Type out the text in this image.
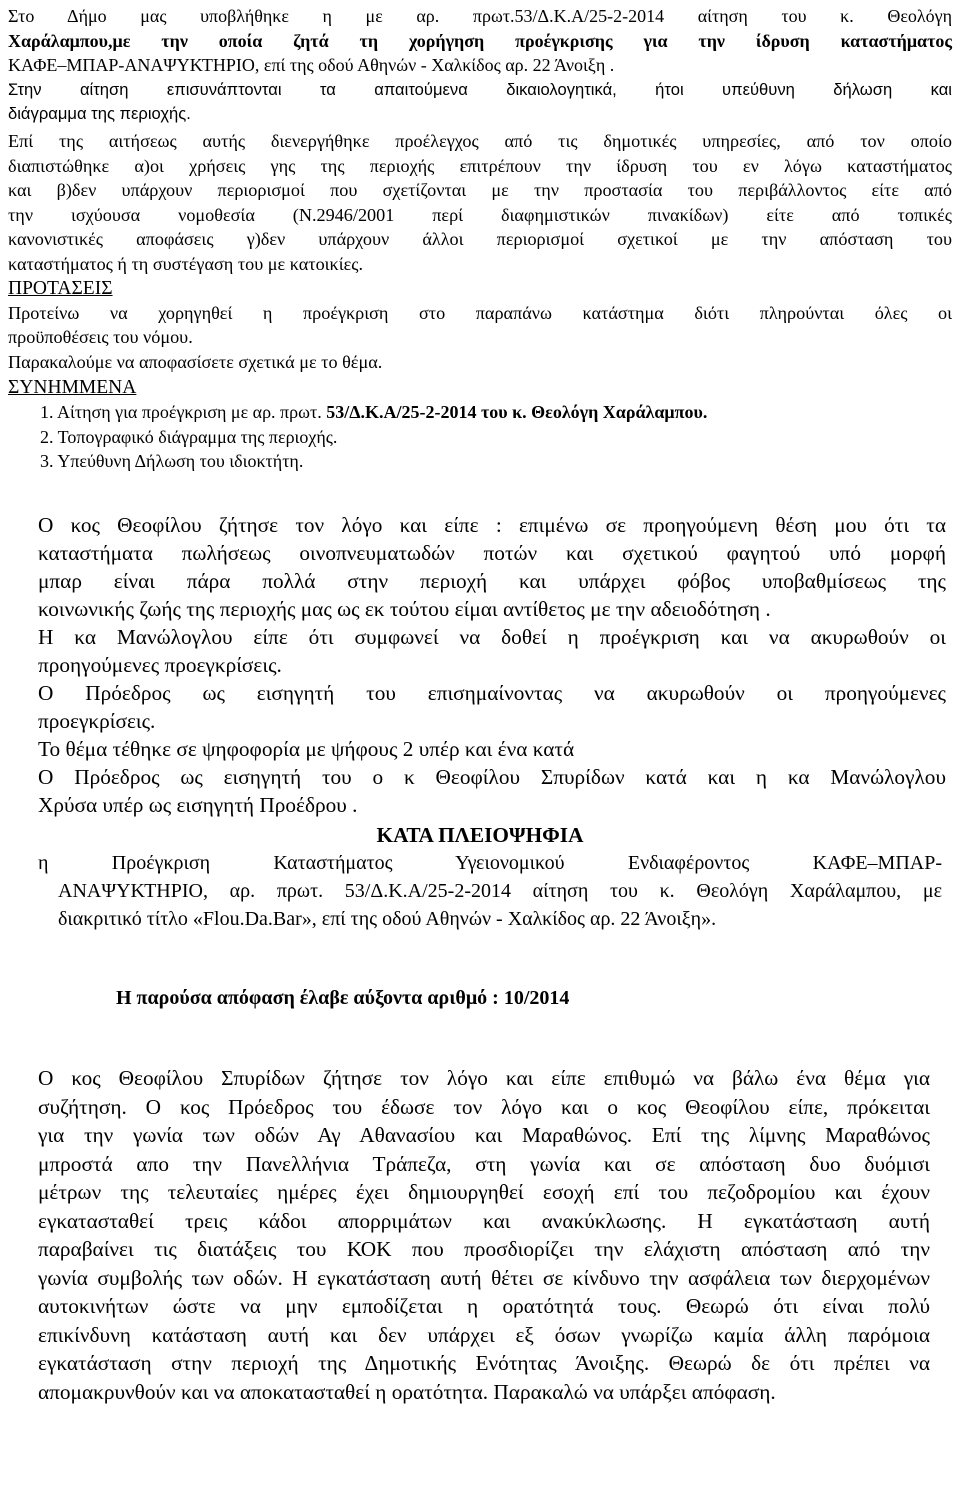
Στο Δήμο μας υποβλήθηκε η με αρ. πρωτ.53/Δ.Κ.Α/25-2-2014 αίτηση του κ. Θεολόγη
Χαράλαμπου,με την οποία ζητά τη χορήγηση προέγκρισης για την ίδρυση καταστήματος
ΚΑΦΕ–ΜΠΑΡ-ΑΝΑΨΥΚΤΗΡΙΟ, επί της οδού Αθηνών - Χαλκίδος αρ. 22 Άνοιξη .
Στην αίτηση επισυνάπτονται τα απαιτούμενα δικαιολογητικά, ήτοι υπεύθυνη δήλωση και
διάγραμμα της περιοχής.
Επί της αιτήσεως αυτής διενεργήθηκε προέλεγχος από τις δημοτικές υπηρεσίες, από τον οποίο
διαπιστώθηκε α)οι χρήσεις γης της περιοχής επιτρέπουν την ίδρυση του εν λόγω καταστήματος
και β)δεν υπάρχουν περιορισμοί που σχετίζονται με την προστασία του περιβάλλοντος είτε από
την ισχύουσα νομοθεσία (Ν.2946/2001 περί διαφημιστικών πινακίδων) είτε από τοπικές
κανονιστικές αποφάσεις γ)δεν υπάρχουν άλλοι περιορισμοί σχετικοί με την απόσταση του
καταστήματος ή τη συστέγαση του με κατοικίες.

ΠΡΟΤΑΣΕΙΣ

Προτείνω να χορηγηθεί η προέγκριση στο παραπάνω κατάστημα διότι πληρούνται όλες οι
προϋποθέσεις του νόμου.

Παρακαλούμε να αποφασίσετε σχετικά με το θέμα.

ΣΥΝΗΜΜΕΝΑ

1. Αίτηση για προέγκριση με αρ. πρωτ. 53/Δ.Κ.Α/25-2-2014 του κ. Θεολόγη Χαράλαμπου.
2. Τοπογραφικό διάγραμμα της περιοχής.
3. Υπεύθυνη Δήλωση του ιδιοκτήτη.
Ο κος Θεοφίλου ζήτησε τον λόγο και είπε : επιμένω σε προηγούμενη θέση μου ότι τα
καταστήματα πωλήσεως οινοπνευματωδών ποτών και σχετικού φαγητού υπό μορφή
μπαρ είναι πάρα πολλά στην περιοχή και υπάρχει φόβος υποβαθμίσεως της
κοινωνικής ζωής της περιοχής μας ως εκ τούτου είμαι αντίθετος με την αδειοδότηση .
Η κα Μανώλογλου είπε ότι συμφωνεί να δοθεί η προέγκριση και να ακυρωθούν οι
προηγούμενες προεγκρίσεις.
Ο Πρόεδρος ως εισηγητή του επισημαίνοντας να ακυρωθούν οι προηγούμενες
προεγκρίσεις.
Το θέμα τέθηκε σε ψηφοφορία με ψήφους 2 υπέρ και ένα κατά
Ο Πρόεδρος ως εισηγητή του ο κ Θεοφίλου Σπυρίδων κατά και η κα Μανώλογλου
Χρύσα υπέρ ως εισηγητή Προέδρου .

ΚΑΤΑ ΠΛΕΙΟΨΗΦΙΑ

η Προέγκριση Καταστήματος Υγειονομικού Ενδιαφέροντος ΚΑΦΕ–ΜΠΑΡ-
ΑΝΑΨΥΚΤΗΡΙΟ, αρ. πρωτ. 53/Δ.Κ.Α/25-2-2014 αίτηση του κ. Θεολόγη Χαράλαμπου, με
διακριτικό τίτλο «Flou.Da.Bar», επί της οδού Αθηνών - Χαλκίδος αρ. 22 Άνοιξη».

Η παρούσα απόφαση έλαβε αύξοντα αριθμό : 10/2014

Ο κος Θεοφίλου Σπυρίδων ζήτησε τον λόγο και είπε επιθυμώ να βάλω ένα θέμα για
συζήτηση. Ο κος Πρόεδρος του έδωσε τον λόγο και ο κος Θεοφίλου είπε, πρόκειται
για την γωνία των οδών Αγ Αθανασίου και Μαραθώνος. Επί της λίμνης Μαραθώνος
μπροστά απο την Πανελλήνια Τράπεζα, στη γωνία και σε απόσταση δυο δυόμισι
μέτρων της τελευταίες ημέρες έχει δημιουργηθεί εσοχή επί του πεζοδρομίου και έχουν
εγκατασταθεί τρεις κάδοι απορριμάτων και ανακύκλωσης. Η εγκατάσταση αυτή
παραβαίνει τις διατάξεις του ΚΟΚ που προσδιορίζει την ελάχιστη απόσταση από την
γωνία συμβολής των οδών. Η εγκατάσταση αυτή θέτει σε κίνδυνο την ασφάλεια των διερχομένων
αυτοκινήτων ώστε να μην εμποδίζεται η ορατότητά τους. Θεωρώ ότι είναι πολύ
επικίνδυνη κατάσταση αυτή και δεν υπάρχει εξ όσων γνωρίζω καμία άλλη παρόμοια
εγκατάσταση στην περιοχή της Δημοτικής Ενότητας Άνοιξης. Θεωρώ δε ότι πρέπει να
απομακρυνθούν και να αποκατασταθεί η ορατότητα. Παρακαλώ να υπάρξει απόφαση.
